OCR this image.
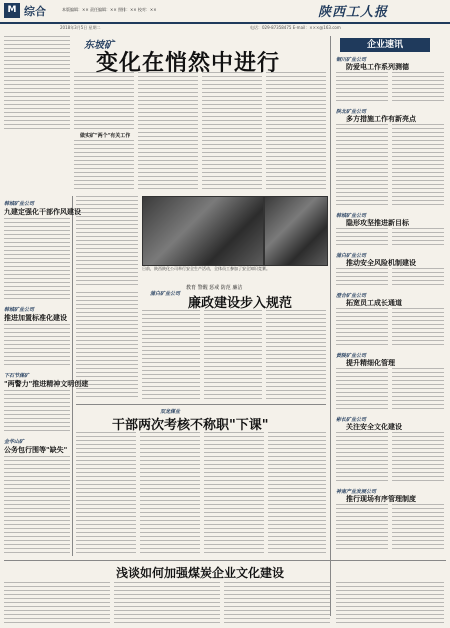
M 综合	本版编辑：×× 责任编辑：×× 照排：×× 校对：××	陕西工人报
2018年3月5日 星期二	电话：029-87358475 E-mail：×××@163.com
东坡矿
变化在悄然中进行
做实矿"两个"有关工作
企业速讯
铜川矿业公司
防爱电工作系列测德
陕北矿业公司
多方措施工作有新亮点
韩城矿业公司
隐形攻坚推进新目标
蒲白矿业公司
推动安全风险机制建设
澄合矿业公司
拓宽员工成长通道
黄陵矿业公司
提升精细化管理
彬长矿业公司
关注安全文化建设
神南产业发展公司
推行现场有序管理制度
韩城矿业公司
九建定强化干部作风建设
韩城矿业公司
推进加置标准化建设
下石节煤矿
"两警力"推进精神文明创建
金华山矿
公务包行围等"缺失"
日前，陕西陕化公司举行安全生产活动，全体员工参加了安全知识竞赛。
蒲白矿业公司
教育 警醒 惩戒 防范 廉洁
廉政建设步入规范
双龙煤业
干部两次考核不称职"下课"
浅谈如何加强煤炭企业文化建设
